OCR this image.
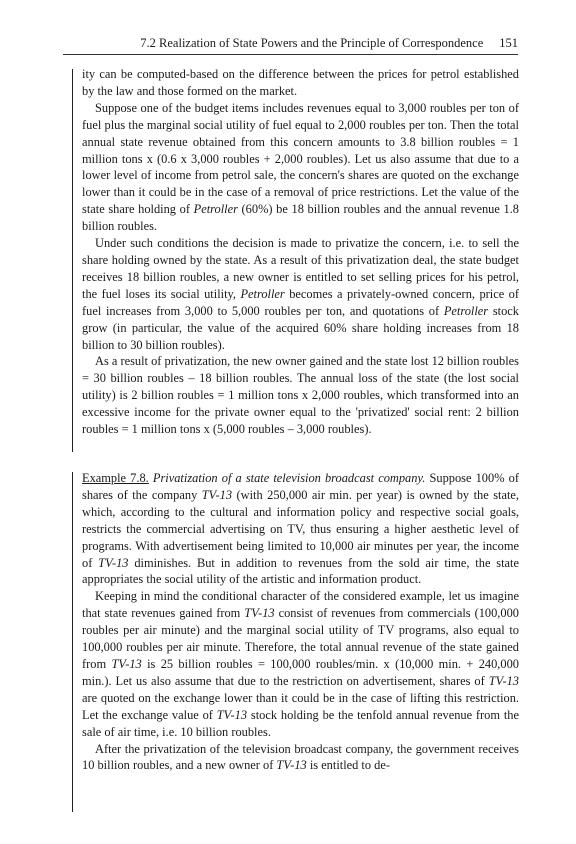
7.2 Realization of State Powers and the Principle of Correspondence 151

ity can be computed-based on the difference between the prices for petrol established by the law and those formed on the market.

Suppose one of the budget items includes revenues equal to 3,000 roubles per ton of fuel plus the marginal social utility of fuel equal to 2,000 roubles per ton. Then the total annual state revenue obtained from this concern amounts to 3.8 billion roubles = 1 million tons x (0.6 x 3,000 roubles + 2,000 roubles). Let us also assume that due to a lower level of income from petrol sale, the concern's shares are quoted on the exchange lower than it could be in the case of a removal of price restrictions. Let the value of the state share holding of Petroller (60%) be 18 billion roubles and the annual revenue 1.8 billion roubles.

Under such conditions the decision is made to privatize the concern, i.e. to sell the share holding owned by the state. As a result of this privatization deal, the state budget receives 18 billion roubles, a new owner is entitled to set selling prices for his petrol, the fuel loses its social utility, Petroller becomes a privately-owned concern, price of fuel increases from 3,000 to 5,000 roubles per ton, and quotations of Petroller stock grow (in particular, the value of the acquired 60% share holding increases from 18 billion to 30 billion roubles).

As a result of privatization, the new owner gained and the state lost 12 billion roubles = 30 billion roubles – 18 billion roubles. The annual loss of the state (the lost social utility) is 2 billion roubles = 1 million tons x 2,000 roubles, which transformed into an excessive income for the private owner equal to the 'privatized' social rent: 2 billion roubles = 1 million tons x (5,000 roubles – 3,000 roubles).

Example 7.8. Privatization of a state television broadcast company. Suppose 100% of shares of the company TV-13 (with 250,000 air min. per year) is owned by the state, which, according to the cultural and information policy and respective social goals, restricts the commercial advertising on TV, thus ensuring a higher aesthetic level of programs. With advertisement being limited to 10,000 air minutes per year, the income of TV-13 diminishes. But in addition to revenues from the sold air time, the state appropriates the social utility of the artistic and information product.

Keeping in mind the conditional character of the considered example, let us imagine that state revenues gained from TV-13 consist of revenues from commercials (100,000 roubles per air minute) and the marginal social utility of TV programs, also equal to 100,000 roubles per air minute. Therefore, the total annual revenue of the state gained from TV-13 is 25 billion roubles = 100,000 roubles/min. x (10,000 min. + 240,000 min.). Let us also assume that due to the restriction on advertisement, shares of TV-13 are quoted on the exchange lower than it could be in the case of lifting this restriction. Let the exchange value of TV-13 stock holding be the tenfold annual revenue from the sale of air time, i.e. 10 billion roubles.

After the privatization of the television broadcast company, the government receives 10 billion roubles, and a new owner of TV-13 is entitled to de-
